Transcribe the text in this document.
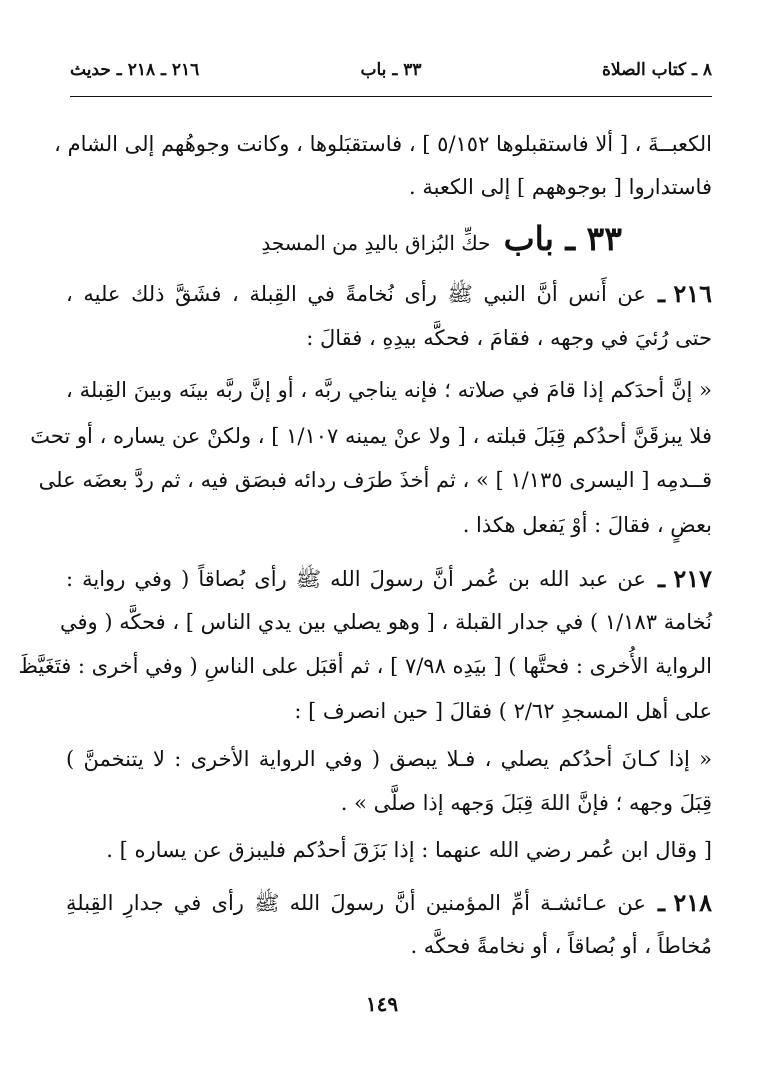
٨ ـ كتاب الصلاة
٣٣ ـ باب
٢١٦ ـ ٢١٨ ـ حديث
الكعبــةَ ، [ ألا فاستقبلوها ٥/١٥٢ ] ، فاستقبَلوها ، وكانت وجوهُهم إلى الشام ،
فاستداروا [ بوجوههم ] إلى الكعبة .
٣٣ ـ باب حكِّ البُزاق باليدِ من المسجدِ
٢١٦ ـ
عن أَنس أنَّ النبي ﷺ رأى نُخامةً في القِبلة ، فشَقَّ ذلك عليه ،
حتى رُئيَ في وجهه ، فقامَ ، فحكَّه بيدِهِ ، فقالَ :
« إنَّ أحدَكم إذا قامَ في صلاته ؛ فإنه يناجي ربَّه ، أو إنَّ ربَّه بينَه وبينَ القِبلة ،
فلا يبزقَنَّ أحدُكم قِبَلَ قبلته ، [ ولا عنْ يمينه ١/١٠٧ ] ، ولكنْ عن يساره ، أو تحتَ
قــدمِه [ اليسرى ١/١٣٥ ] » ، ثم أخذَ طرَف ردائه فبصَق فيه ، ثم ردَّ بعضَه على
بعضٍ ، فقالَ : أوْ يَفعل هكذا .
٢١٧ ـ
عن عبد الله بن عُمر أنَّ رسولَ الله ﷺ رأى بُصاقاً ( وفي رواية :
نُخامة ١/١٨٣ ) في جدار القبلة ، [ وهو يصلي بين يدي الناس ] ، فحكَّه ( وفي
الرواية الأُخرى : فحتَّها ) [ بيَدِه ٧/٩٨ ] ، ثم أقبَل على الناسِ ( وفي أخرى : فتَغَيَّظَ
على أهل المسجدِ ٢/٦٢ ) فقالَ [ حين انصرف ] :
« إذا كـانَ أحدُكم يصلي ، فـلا يبصق ( وفي الرواية الأخرى : لا يتنخمنَّ )
قِبَلَ وجهه ؛ فإنَّ اللهَ قِبَلَ وَجهه إذا صلَّى » .
[ وقال ابن عُمر رضي الله عنهما : إذا بَزَقَ أحدُكم فليبزق عن يساره ] .
٢١٨ ـ
عن عـائشـة أمِّ المؤمنين أنَّ رسولَ الله ﷺ رأى في جدارِ القِبلةِ
مُخاطاً ، أو بُصاقاً ، أو نخامةً فحكَّه .
١٤٩
